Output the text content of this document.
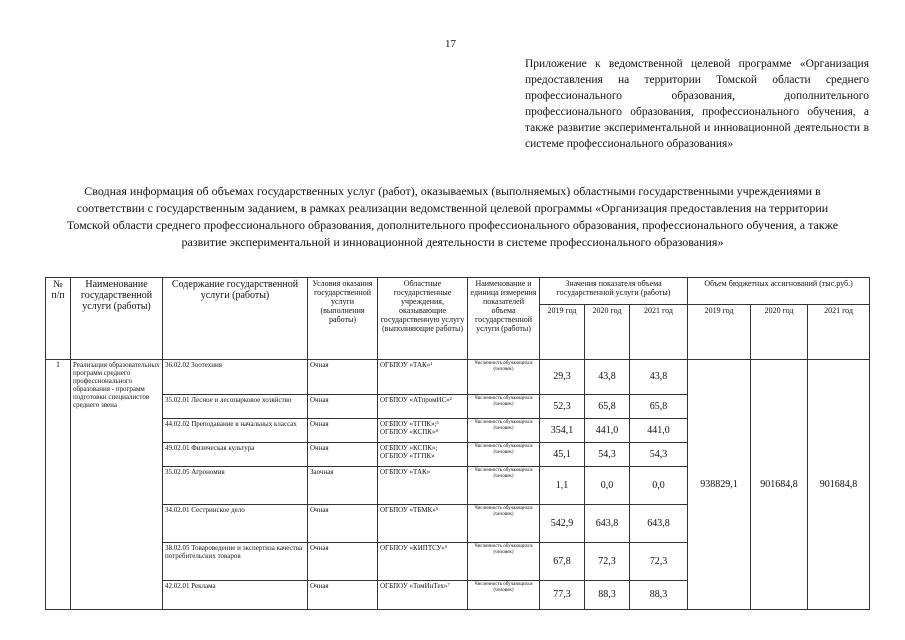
17
Приложение к ведомственной целевой программе «Организация предоставления на территории Томской области среднего профессионального образования, дополнительного профессионального образования, профессионального обучения, а также развитие экспериментальной и инновационной деятельности в системе профессионального образования»
Сводная информация об объемах государственных услуг (работ), оказываемых (выполняемых) областными государственными учреждениями в соответствии с государственным заданием, в рамках реализации ведомственной целевой программы «Организация предоставления на территории Томской области среднего профессионального образования, дополнительного профессионального образования, профессионального обучения, а также развитие экспериментальной и инновационной деятельности в системе профессионального образования»
№ п/п	Наименование государственной услуги (работы)	Содержание государственной услуги (работы)	Условия оказания государственной услуги (выполнения работы)	Областные государственные учреждения, оказывающие государственную услугу (выполняющие работы)	Наименование и единица измерения показателей объема государственной услуги (работы)	Значения показателя объема государственной услуги (работы)			Объем бюджетных ассигнований (тыс.руб.)		
						2019 год	2020 год	2021 год	2019 год	2020 год	2021 год
1	Реализация образовательных программ среднего профессионального образования - программ подготовки специалистов среднего звена	36.02.02 Зоотехния	Очная	ОГБПОУ «ТАК»¹	Численность обучающихся (человек)	29,3	43,8	43,8	938829,1	901684,8	901684,8
		35.02.01 Лесное и лесопарковое хозяйство	Очная	ОГБПОУ «АТпромИС»²	Численность обучающихся (человек)	52,3	65,8	65,8			
		44.02.02 Преподавание в начальных классах	Очная	ОГБПОУ «ТГПК»;³ ОГБПОУ «КСПК»⁴	Численность обучающихся (человек)	354,1	441,0	441,0			
		49.02.01 Физическая культура	Очная	ОГБПОУ «КСПК»; ОГБПОУ «ТГПК»	Численность обучающихся (человек)	45,1	54,3	54,3			
		35.02.05 Агрономия	Заочная	ОГБПОУ «ТАК»	Численность обучающихся (человек)	1,1	0,0	0,0			
		34.02.01 Сестринское дело	Очная	ОГБПОУ «ТБМК»⁵	Численность обучающихся (человек)	542,9	643,8	643,8			
		38.02.05 Товароведение и экспертиза качества потребительских товаров	Очная	ОГБПОУ «КИПТСУ»⁶	Численность обучающихся (человек)	67,8	72,3	72,3			
		42.02.01 Реклама	Очная	ОГБПОУ «ТомИнТех»⁷	Численность обучающихся (человек)	77,3	88,3	88,3			
